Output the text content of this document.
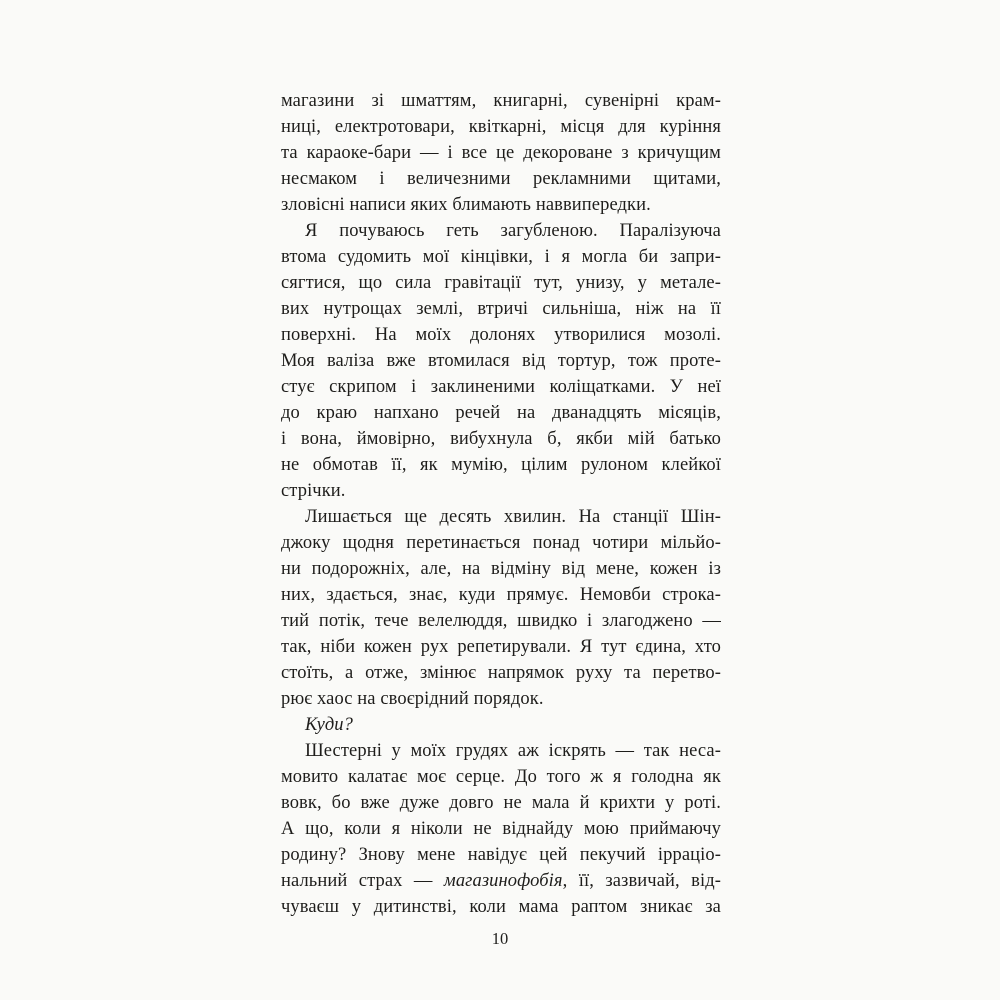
магазини зі шматтям, книгарні, сувенірні крам-
ниці, електротовари, квіткарні, місця для куріння
та караоке-бари — і все це декороване з кричущим
несмаком і величезними рекламними щитами,
зловісні написи яких блимають наввипередки.
Я почуваюсь геть загубленою. Паралізуюча
втома судомить мої кінцівки, і я могла би запри-
сягтися, що сила гравітації тут, унизу, у метале-
вих нутрощах землі, втричі сильніша, ніж на її
поверхні. На моїх долонях утворилися мозолі.
Моя валіза вже втомилася від тортур, тож проте-
стує скрипом і заклиненими коліщатками. У неї
до краю напхано речей на дванадцять місяців,
і вона, ймовірно, вибухнула б, якби мій батько
не обмотав її, як мумію, цілим рулоном клейкої
стрічки.
Лишається ще десять хвилин. На станції Шін-
джоку щодня перетинається понад чотири мільйо-
ни подорожніх, але, на відміну від мене, кожен із
них, здається, знає, куди прямує. Немовби строка-
тий потік, тече велелюддя, швидко і злагоджено —
так, ніби кожен рух репетирували. Я тут єдина, хто
стоїть, а отже, змінює напрямок руху та перетво-
рює хаос на своєрідний порядок.
Куди?
Шестерні у моїх грудях аж іскрять — так неса-
мовито калатає моє серце. До того ж я голодна як
вовк, бо вже дуже довго не мала й крихти у роті.
А що, коли я ніколи не віднайду мою приймаючу
родину? Знову мене навідує цей пекучий ірраціо-
нальний страх — магазинофобія, її, зазвичай, від-
чуваєш у дитинстві, коли мама раптом зникає за
10
